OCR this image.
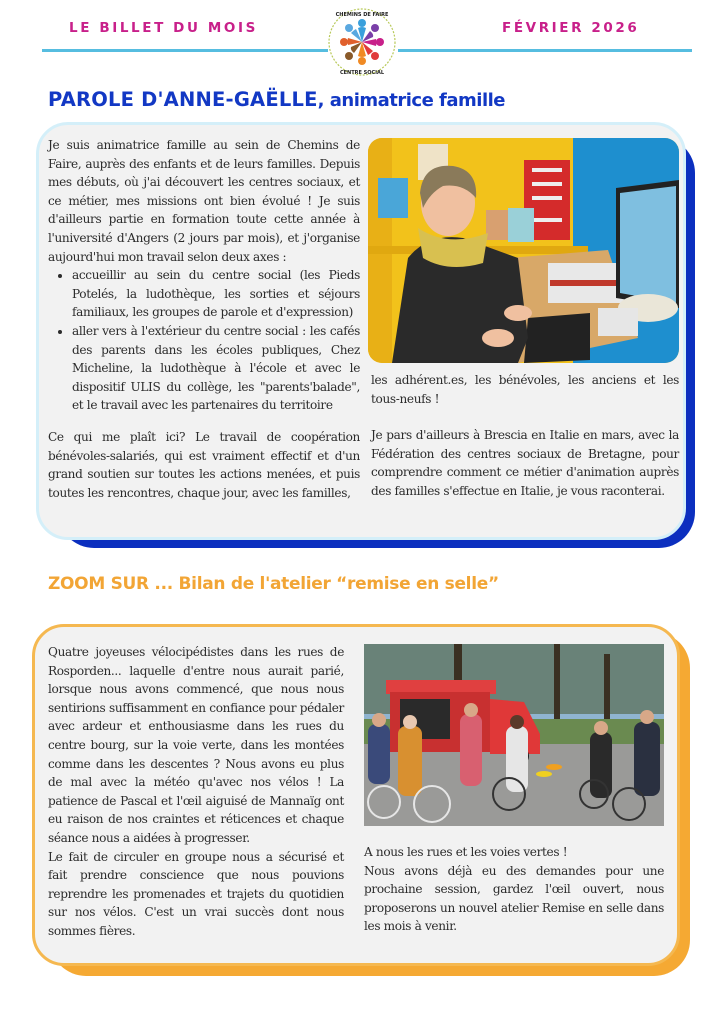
LE BILLET DU MOIS	FÉVRIER 2026
CHEMINS DE FAIRE
CENTRE SOCIAL
PAROLE D'ANNE-GAËLLE, animatrice famille

Je suis animatrice famille au sein de Chemins de Faire, auprès des enfants et de leurs familles. Depuis mes débuts, où j'ai découvert les centres sociaux, et ce métier, mes missions ont bien évolué ! Je suis d'ailleurs partie en formation toute cette année à l'université d'Angers (2 jours par mois), et j'organise aujourd'hui mon travail selon deux axes :

• accueillir au sein du centre social (les Pieds Potelés, la ludothèque, les sorties et séjours familiaux, les groupes de parole et d'expression)
• aller vers à l'extérieur du centre social : les cafés des parents dans les écoles publiques, Chez Micheline, la ludothèque à l'école et avec le dispositif ULIS du collège, les "parents'balade", et le travail avec les partenaires du territoire

Ce qui me plaît ici? Le travail de coopération bénévoles-salariés, qui est vraiment effectif et d'un grand soutien sur toutes les actions menées, et puis toutes les rencontres, chaque jour, avec les familles,

les adhérent.es, les bénévoles, les anciens et les tous-neufs !

Je pars d'ailleurs à Brescia en Italie en mars, avec la Fédération des centres sociaux de Bretagne, pour comprendre comment ce métier d'animation auprès des familles s'effectue en Italie, je vous raconterai.

ZOOM SUR ... Bilan de l'atelier “remise en selle”

Quatre joyeuses vélocipédistes dans les rues de Rosporden... laquelle d'entre nous aurait parié, lorsque nous avons commencé, que nous nous sentirions suffisamment en confiance pour pédaler avec ardeur et enthousiasme dans les rues du centre bourg, sur la voie verte, dans les montées comme dans les descentes ? Nous avons eu plus de mal avec la météo qu'avec nos vélos ! La patience de Pascal et l'œil aiguisé de Mannaïg ont eu raison de nos craintes et réticences et chaque séance nous a aidées à progresser.

Le fait de circuler en groupe nous a sécurisé et fait prendre conscience que nous pouvions reprendre les promenades et trajets du quotidien sur nos vélos. C'est un vrai succès dont nous sommes fières.

A nous les rues et les voies vertes !

Nous avons déjà eu des demandes pour une prochaine session, gardez l'œil ouvert, nous proposerons un nouvel atelier Remise en selle dans les mois à venir.
